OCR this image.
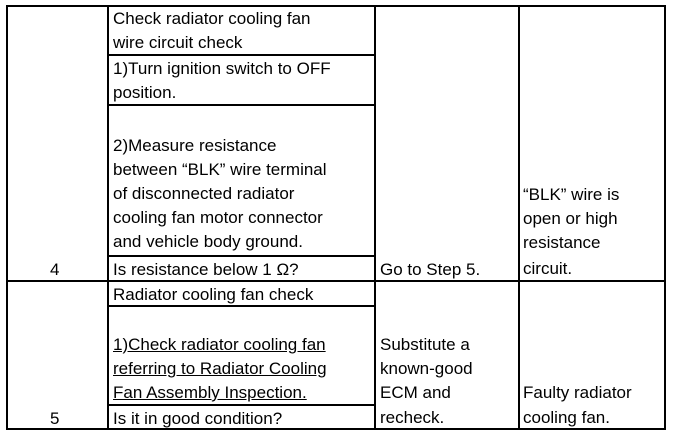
4
Check radiator cooling fan
wire circuit check
1)Turn ignition switch to OFF
position.
2)Measure resistance
between “BLK” wire terminal
of disconnected radiator
cooling fan motor connector
and vehicle body ground.
Is resistance below 1 Ω?	Go to Step 5.
“BLK” wire is
open or high
resistance
circuit.
5
Radiator cooling fan check
1)Check radiator cooling fan
referring to Radiator Cooling
Fan Assembly Inspection.
Is it in good condition?
Substitute a
known-good
ECM and
recheck.
Faulty radiator
cooling fan.
